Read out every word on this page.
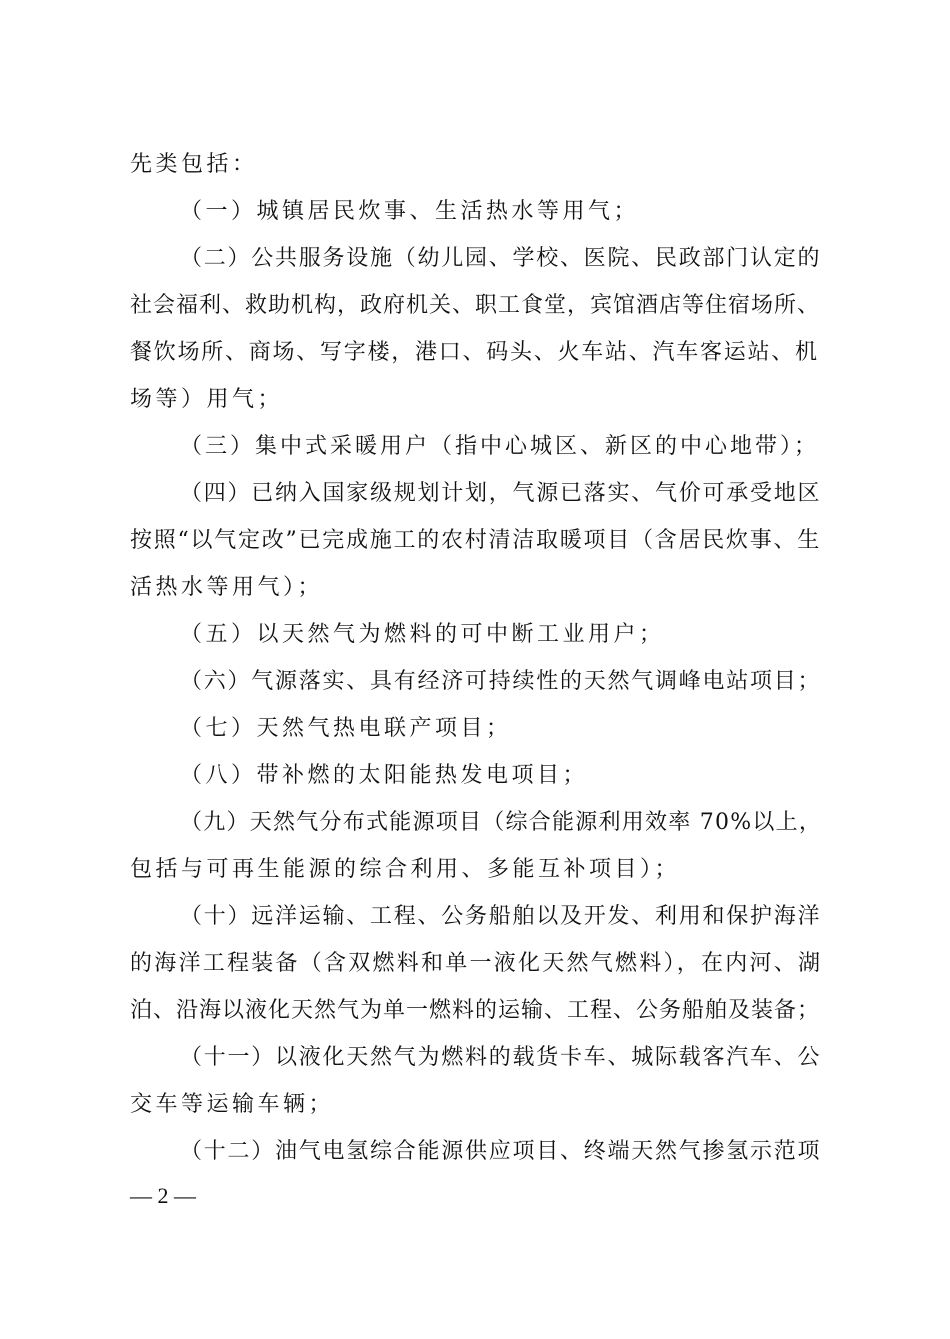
先类包括：
（一）城镇居民炊事、生活热水等用气；
（二）公共服务设施（幼儿园、学校、医院、民政部门认定的
社会福利、救助机构，政府机关、职工食堂，宾馆酒店等住宿场所、
餐饮场所、商场、写字楼，港口、码头、火车站、汽车客运站、机
场等）用气；
（三）集中式采暖用户（指中心城区、新区的中心地带）；
（四）已纳入国家级规划计划，气源已落实、气价可承受地区
按照“以气定改”已完成施工的农村清洁取暖项目（含居民炊事、生
活热水等用气）；
（五）以天然气为燃料的可中断工业用户；
（六）气源落实、具有经济可持续性的天然气调峰电站项目；
（七）天然气热电联产项目；
（八）带补燃的太阳能热发电项目；
（九）天然气分布式能源项目（综合能源利用效率 70%以上，
包括与可再生能源的综合利用、多能互补项目）；
（十）远洋运输、工程、公务船舶以及开发、利用和保护海洋
的海洋工程装备（含双燃料和单一液化天然气燃料），在内河、湖
泊、沿海以液化天然气为单一燃料的运输、工程、公务船舶及装备；
（十一）以液化天然气为燃料的载货卡车、城际载客汽车、公
交车等运输车辆；
（十二）油气电氢综合能源供应项目、终端天然气掺氢示范项
— 2 —
